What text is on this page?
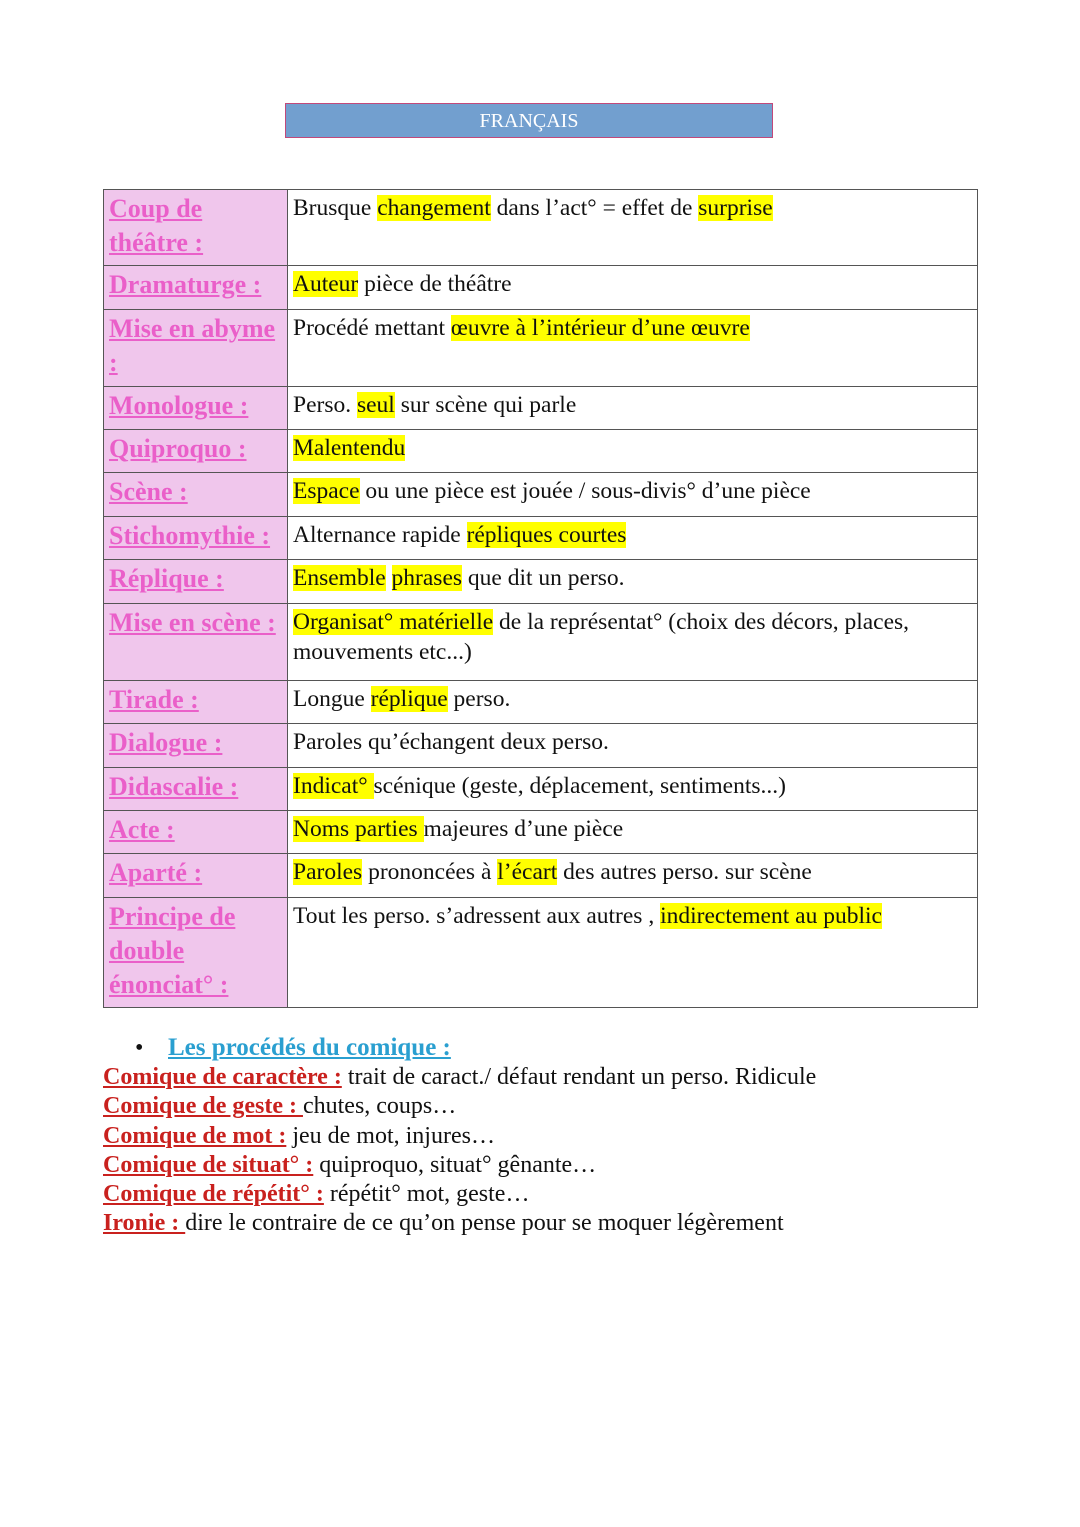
FRANÇAIS
Coup de théâtre :	Brusque changement dans l’act° = effet de surprise
Dramaturge :	Auteur pièce de théâtre
Mise en abyme :	Procédé mettant œuvre à l’intérieur d’une œuvre
Monologue :	Perso. seul sur scène qui parle
Quiproquo :	Malentendu
Scène :	Espace ou une pièce est jouée / sous-divis° d’une pièce
Stichomythie :	Alternance rapide répliques courtes
Réplique :	Ensemble phrases que dit un perso.
Mise en scène :	Organisat° matérielle de la représentat° (choix des décors, places, mouvements etc...)
Tirade :	Longue réplique perso.
Dialogue :	Paroles qu’échangent deux perso.
Didascalie :	Indicat° scénique (geste, déplacement, sentiments...)
Acte :	Noms parties majeures d’une pièce
Aparté :	Paroles prononcées à l’écart des autres perso. sur scène
Principe de double énonciat° :	Tout les perso. s’adressent aux autres , indirectement au public
• Les procédés du comique :
Comique de caractère : trait de caract./ défaut rendant un perso. Ridicule
Comique de geste : chutes, coups…
Comique de mot : jeu de mot, injures…
Comique de situat° : quiproquo, situat° gênante…
Comique de répétit° : répétit° mot, geste…
Ironie : dire le contraire de ce qu’on pense pour se moquer légèrement
